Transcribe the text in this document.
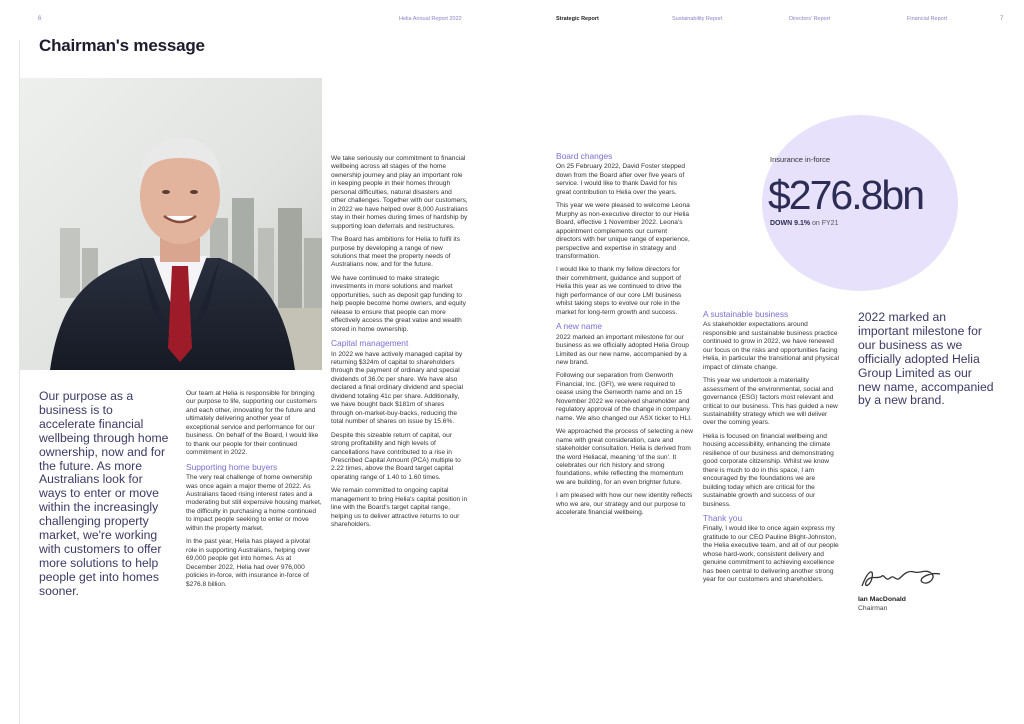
6	Helia Annual Report 2022	Strategic Report	Sustainability Report	Directors' Report	Financial Report	7
Chairman's message
Our purpose as a business is to accelerate financial wellbeing through home ownership, now and for the future. As more Australians look for ways to enter or move within the increasingly challenging property market, we're working with customers to offer more solutions to help people get into homes sooner.

Our team at Helia is responsible for bringing our purpose to life, supporting our customers and each other, innovating for the future and ultimately delivering another year of exceptional service and performance for our business. On behalf of the Board, I would like to thank our people for their continued commitment in 2022.

Supporting home buyers

The very real challenge of home ownership was once again a major theme of 2022. As Australians faced rising interest rates and a moderating but still expensive housing market, the difficulty in purchasing a home continued to impact people seeking to enter or move within the property market.

In the past year, Helia has played a pivotal role in supporting Australians, helping over 69,000 people get into homes. As at December 2022, Helia had over 976,000 policies in-force, with insurance in-force of $276.8 billion.

We take seriously our commitment to financial wellbeing across all stages of the home ownership journey and play an important role in keeping people in their homes through personal difficulties, natural disasters and other challenges. Together with our customers, in 2022 we have helped over 8,000 Australians stay in their homes during times of hardship by supporting loan deferrals and restructures.

The Board has ambitions for Helia to fulfil its purpose by developing a range of new solutions that meet the property needs of Australians now, and for the future.

We have continued to make strategic investments in more solutions and market opportunities, such as deposit gap funding to help people become home owners, and equity release to ensure that people can more effectively access the great value and wealth stored in home ownership.

Capital management

In 2022 we have actively managed capital by returning $324m of capital to shareholders through the payment of ordinary and special dividends of 36.0c per share. We have also declared a final ordinary dividend and special dividend totaling 41c per share. Additionally, we have bought back $181m of shares through on-market-buy-backs, reducing the total number of shares on issue by 15.6%.

Despite this sizeable return of capital, our strong profitability and high levels of cancellations have contributed to a rise in Prescribed Capital Amount (PCA) multiple to 2.22 times, above the Board target capital operating range of 1.40 to 1.60 times.

We remain committed to ongoing capital management to bring Helia's capital position in line with the Board's target capital range, helping us to deliver attractive returns to our shareholders.

Board changes

On 25 February 2022, David Foster stepped down from the Board after over five years of service. I would like to thank David for his great contribution to Helia over the years.

This year we were pleased to welcome Leona Murphy as non-executive director to our Helia Board, effective 1 November 2022. Leona's appointment complements our current directors with her unique range of experience, perspective and expertise in strategy and transformation.

I would like to thank my fellow directors for their commitment, guidance and support of Helia this year as we continued to drive the high performance of our core LMI business whilst taking steps to evolve our role in the market for long-term growth and success.

A new name

2022 marked an important milestone for our business as we officially adopted Helia Group Limited as our new name, accompanied by a new brand.

Following our separation from Genworth Financial, Inc. (GFI), we were required to cease using the Genworth name and on 15 November 2022 we received shareholder and regulatory approval of the change in company name. We also changed our ASX ticker to HLI.

We approached the process of selecting a new name with great consideration, care and stakeholder consultation. Helia is derived from the word Heliacal, meaning 'of the sun'. It celebrates our rich history and strong foundations, while reflecting the momentum we are building, for an even brighter future.

I am pleased with how our new identity reflects who we are, our strategy and our purpose to accelerate financial wellbeing.

Insurance in-force
$276.8bn
DOWN 9.1% on FY21
A sustainable business

As stakeholder expectations around responsible and sustainable business practice continued to grow in 2022, we have renewed our focus on the risks and opportunities facing Helia, in particular the transitional and physical impact of climate change.

This year we undertook a materiality assessment of the environmental, social and governance (ESG) factors most relevant and critical to our business. This has guided a new sustainability strategy which we will deliver over the coming years.

Helia is focused on financial wellbeing and housing accessibility, enhancing the climate resilience of our business and demonstrating good corporate citizenship. Whilst we know there is much to do in this space, I am encouraged by the foundations we are building today which are critical for the sustainable growth and success of our business.

Thank you

Finally, I would like to once again express my gratitude to our CEO Pauline Blight-Johnston, the Helia executive team, and all of our people whose hard-work, consistent delivery and genuine commitment to achieving excellence has been central to delivering another strong year for our customers and shareholders.

2022 marked an important milestone for our business as we officially adopted Helia Group Limited as our new name, accompanied by a new brand.
Ian MacDonald
Chairman
